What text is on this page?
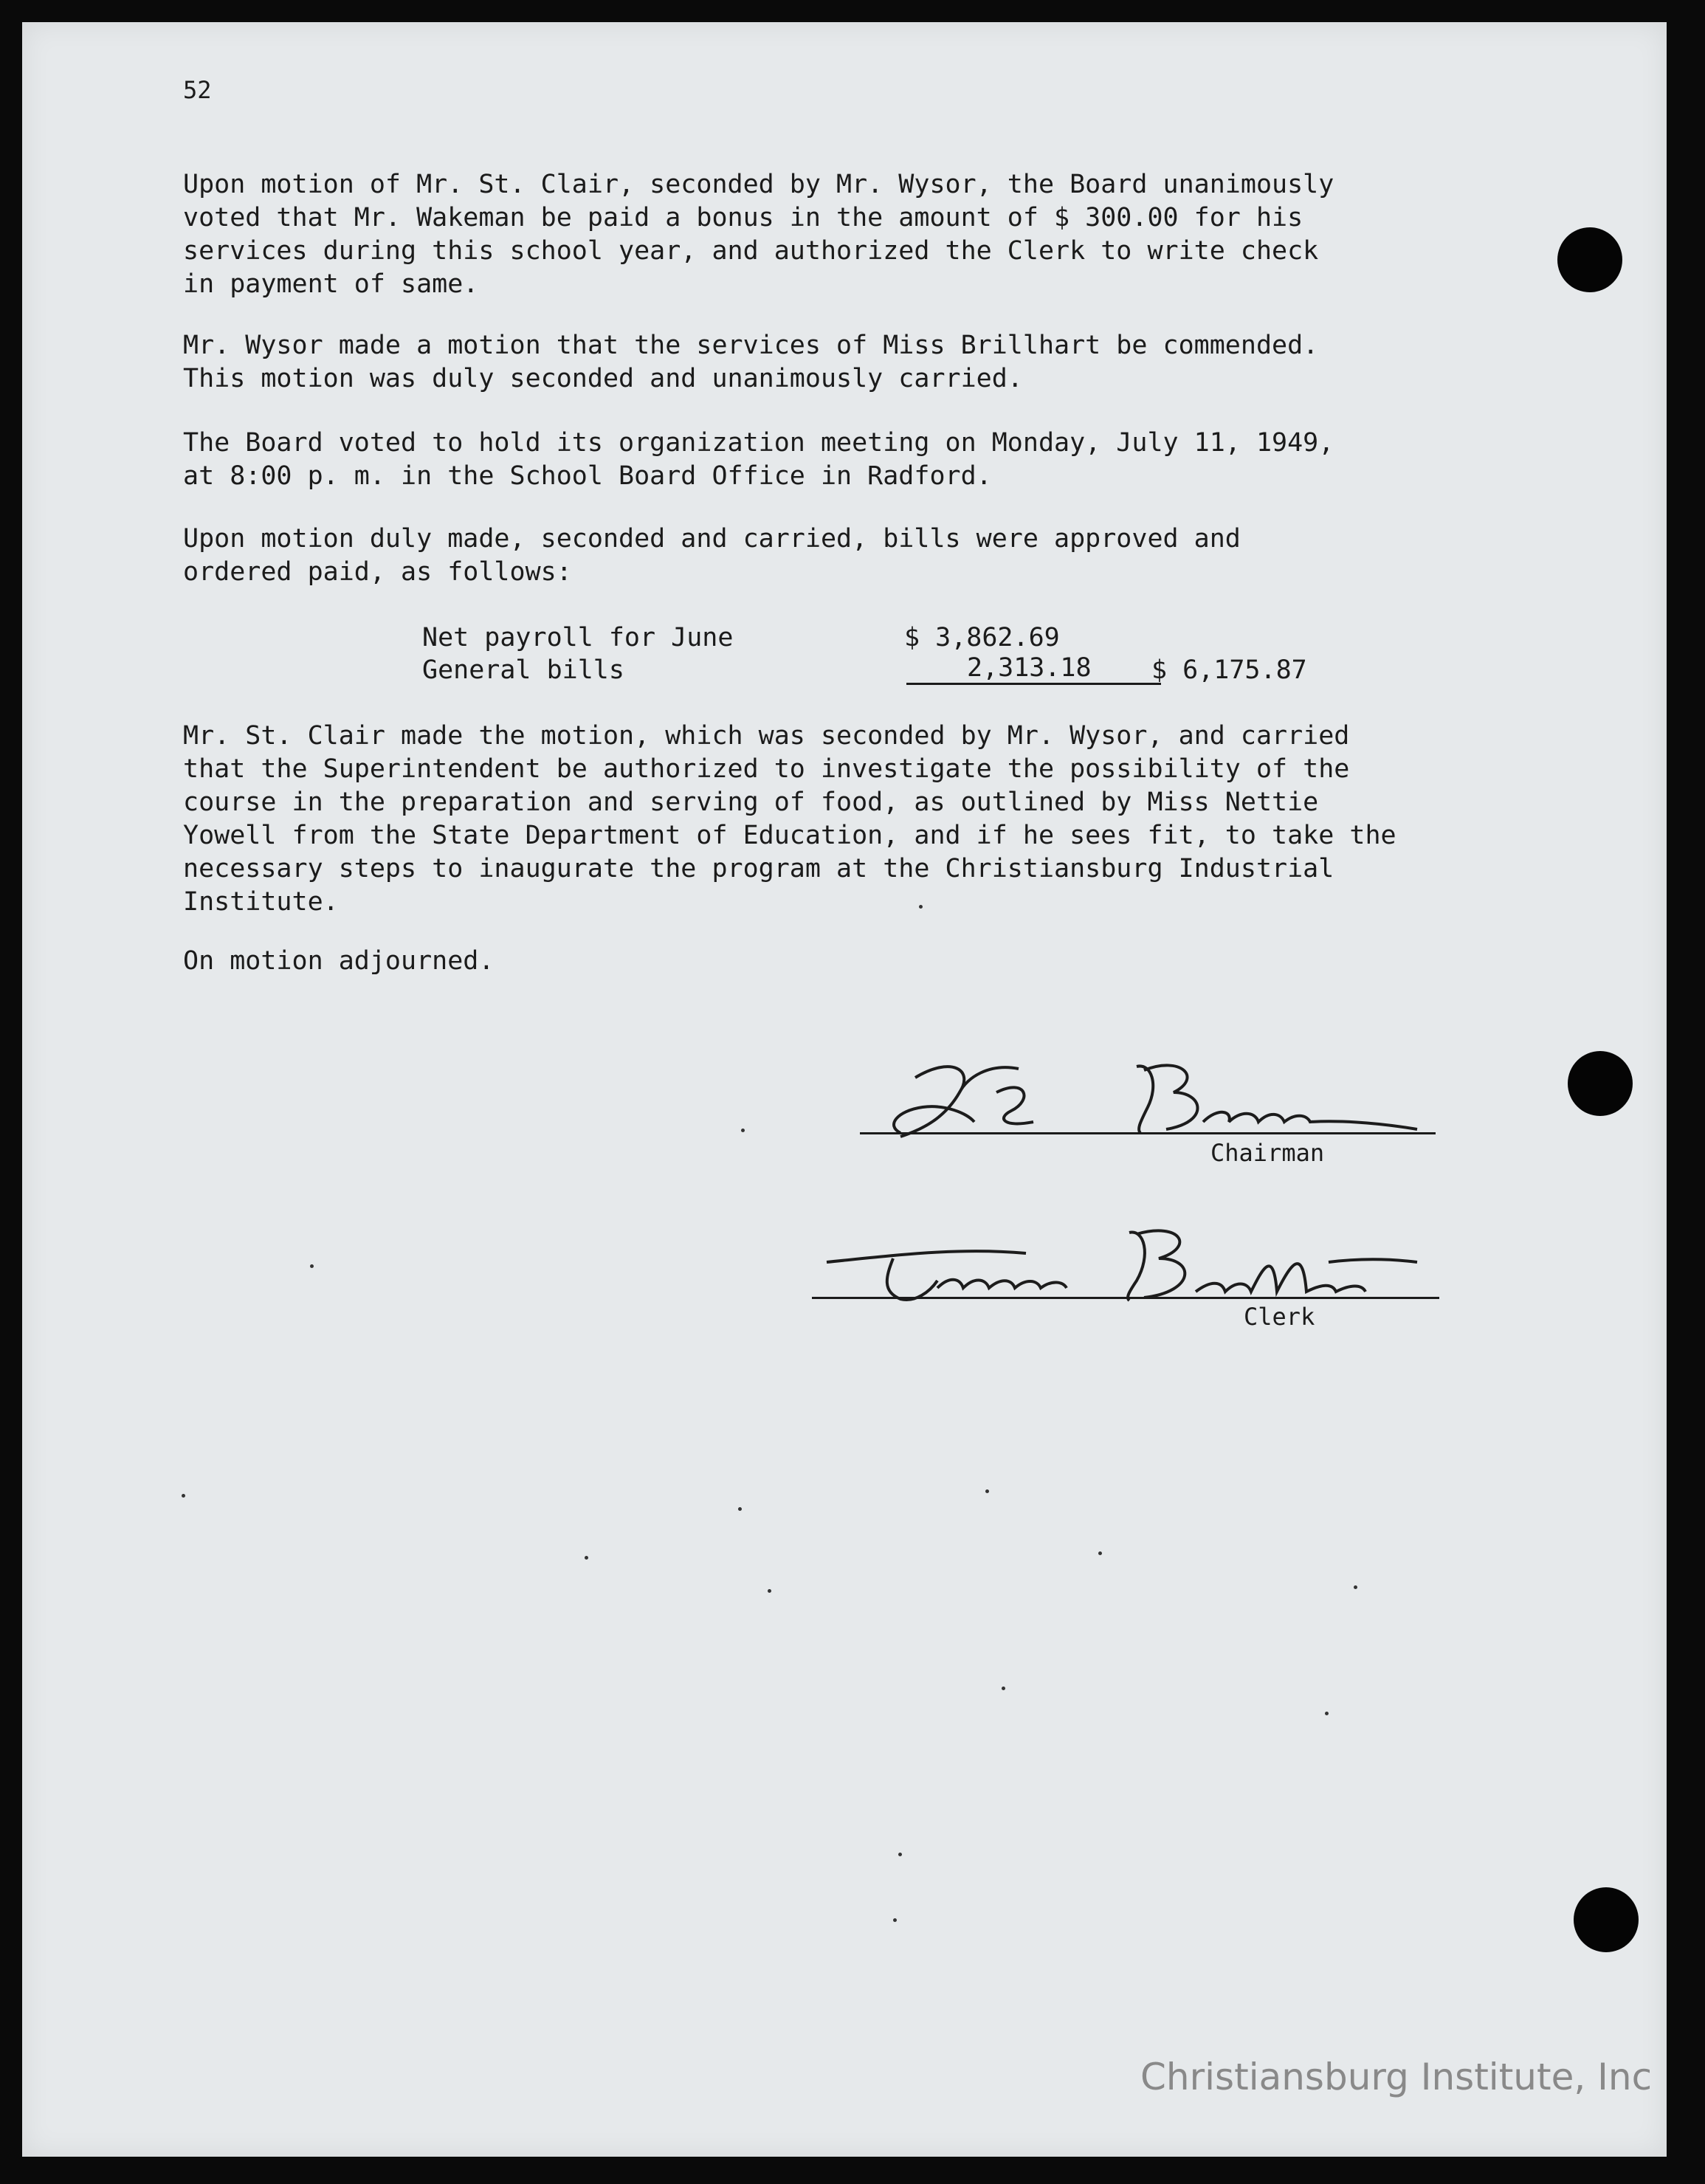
52
Upon motion of Mr. St. Clair, seconded by Mr. Wysor, the Board unanimously
voted that Mr. Wakeman be paid a bonus in the amount of $ 300.00 for his
services during this school year, and authorized the Clerk to write check
in payment of same.
Mr. Wysor made a motion that the services of Miss Brillhart be commended.
This motion was duly seconded and unanimously carried.
The Board voted to hold its organization meeting on Monday, July 11, 1949,
at 8:00 p. m. in the School Board Office in Radford.
Upon motion duly made, seconded and carried, bills were approved and
ordered paid, as follows:
Net payroll for June	$ 3,862.69
General bills	2,313.18 $ 6,175.87
Mr. St. Clair made the motion, which was seconded by Mr. Wysor, and carried
that the Superintendent be authorized to investigate the possibility of the
course in the preparation and serving of food, as outlined by Miss Nettie
Yowell from the State Department of Education, and if he sees fit, to take the
necessary steps to inaugurate the program at the Christiansburg Industrial
Institute.
On motion adjourned.
Chairman
Clerk
Christiansburg Institute, Inc
